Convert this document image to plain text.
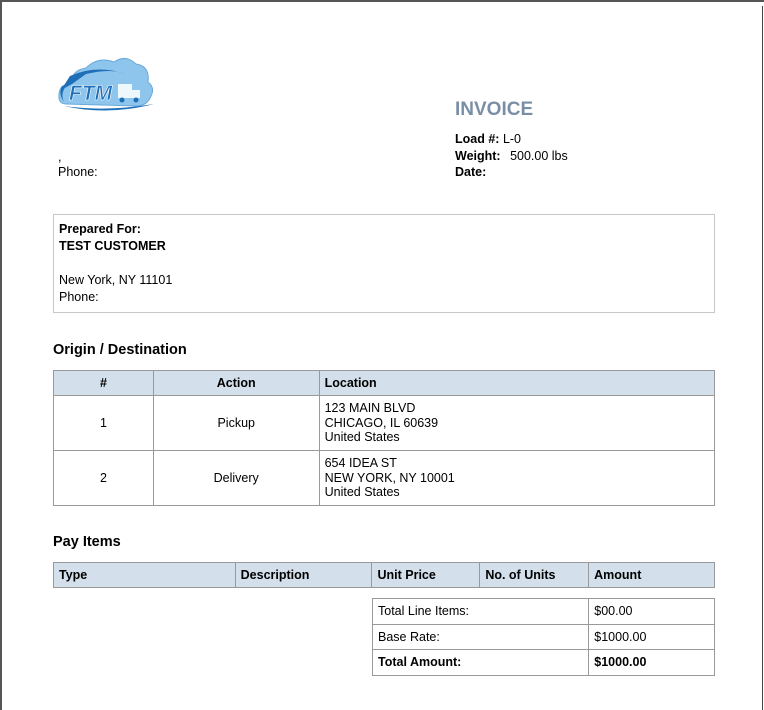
FTM
,
Phone:
INVOICE
Load #: L-0
Weight: 500.00 lbs
Date:
Prepared For:
TEST CUSTOMER
New York, NY 11101
Phone:
Origin / Destination
#	Action	Location
1	Pickup	123 MAIN BLVD
CHICAGO, IL 60639
United States

2	Delivery	654 IDEA ST
NEW YORK, NY 10001
United States
Pay Items
Type	Description	Unit Price	No. of Units	Amount
Total Line Items:	$00.00
Base Rate:	$1000.00
Total Amount:	$1000.00
